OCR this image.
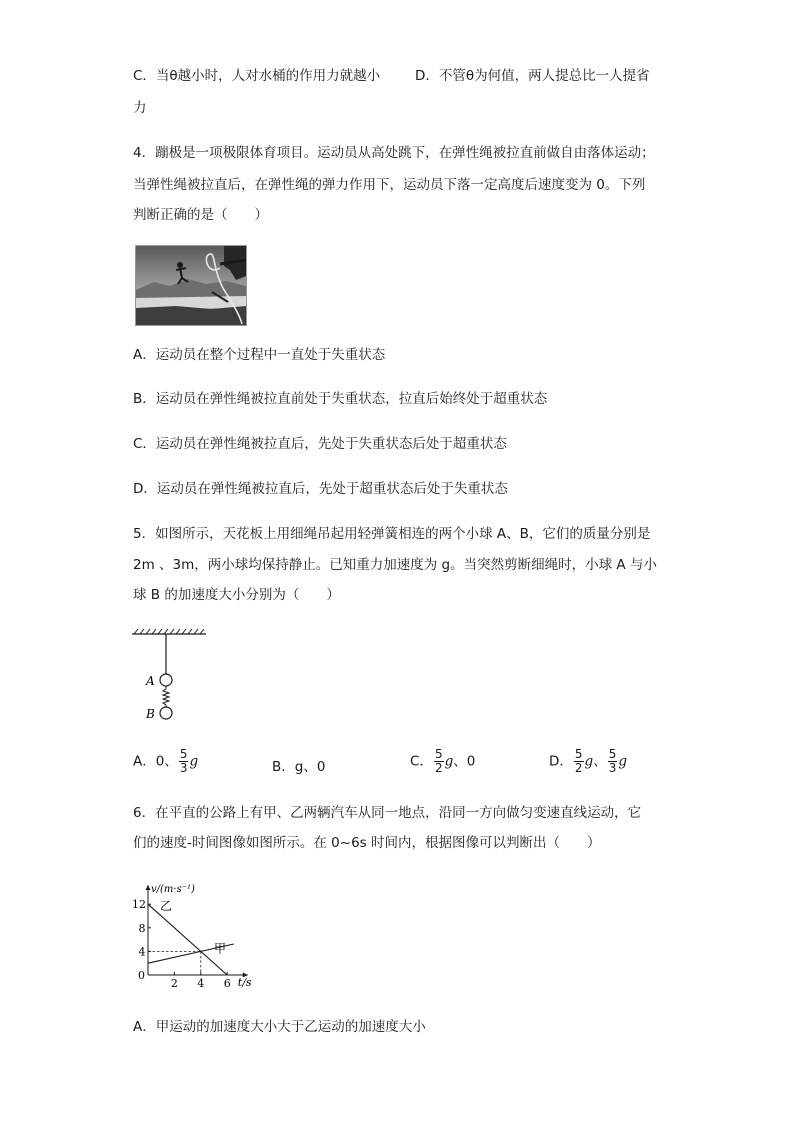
C．当θ越小时，人对水桶的作用力就越小	D．不管θ为何值，两人提总比一人提省
力
4．蹦极是一项极限体育项目。运动员从高处跳下，在弹性绳被拉直前做自由落体运动；
当弹性绳被拉直后，在弹性绳的弹力作用下，运动员下落一定高度后速度变为 0。下列
判断正确的是（　　）
A．运动员在整个过程中一直处于失重状态
B．运动员在弹性绳被拉直前处于失重状态，拉直后始终处于超重状态
C．运动员在弹性绳被拉直后，先处于失重状态后处于超重状态
D．运动员在弹性绳被拉直后，先处于超重状态后处于失重状态
5．如图所示，天花板上用细绳吊起用轻弹簧相连的两个小球 A、B，它们的质量分别是
2m 、3m，两小球均保持静止。已知重力加速度为 g。当突然剪断细绳时，小球 A 与小
球 B 的加速度大小分别为（　　）
A
B
A．0、 $\frac{5}{3}$ g	B．g、0	C． $\frac{5}{2}$ g、0	D． $\frac{5}{2}$ g、 $\frac{5}{3}$ g
6．在平直的公路上有甲、乙两辆汽车从同一地点，沿同一方向做匀变速直线运动，它
们的速度-时间图像如图所示。在 0~6s 时间内，根据图像可以判断出（　　）
v/(m·s⁻¹)
t/s
0
2 4 6
4
8
12 乙
甲
A．甲运动的加速度大小大于乙运动的加速度大小
